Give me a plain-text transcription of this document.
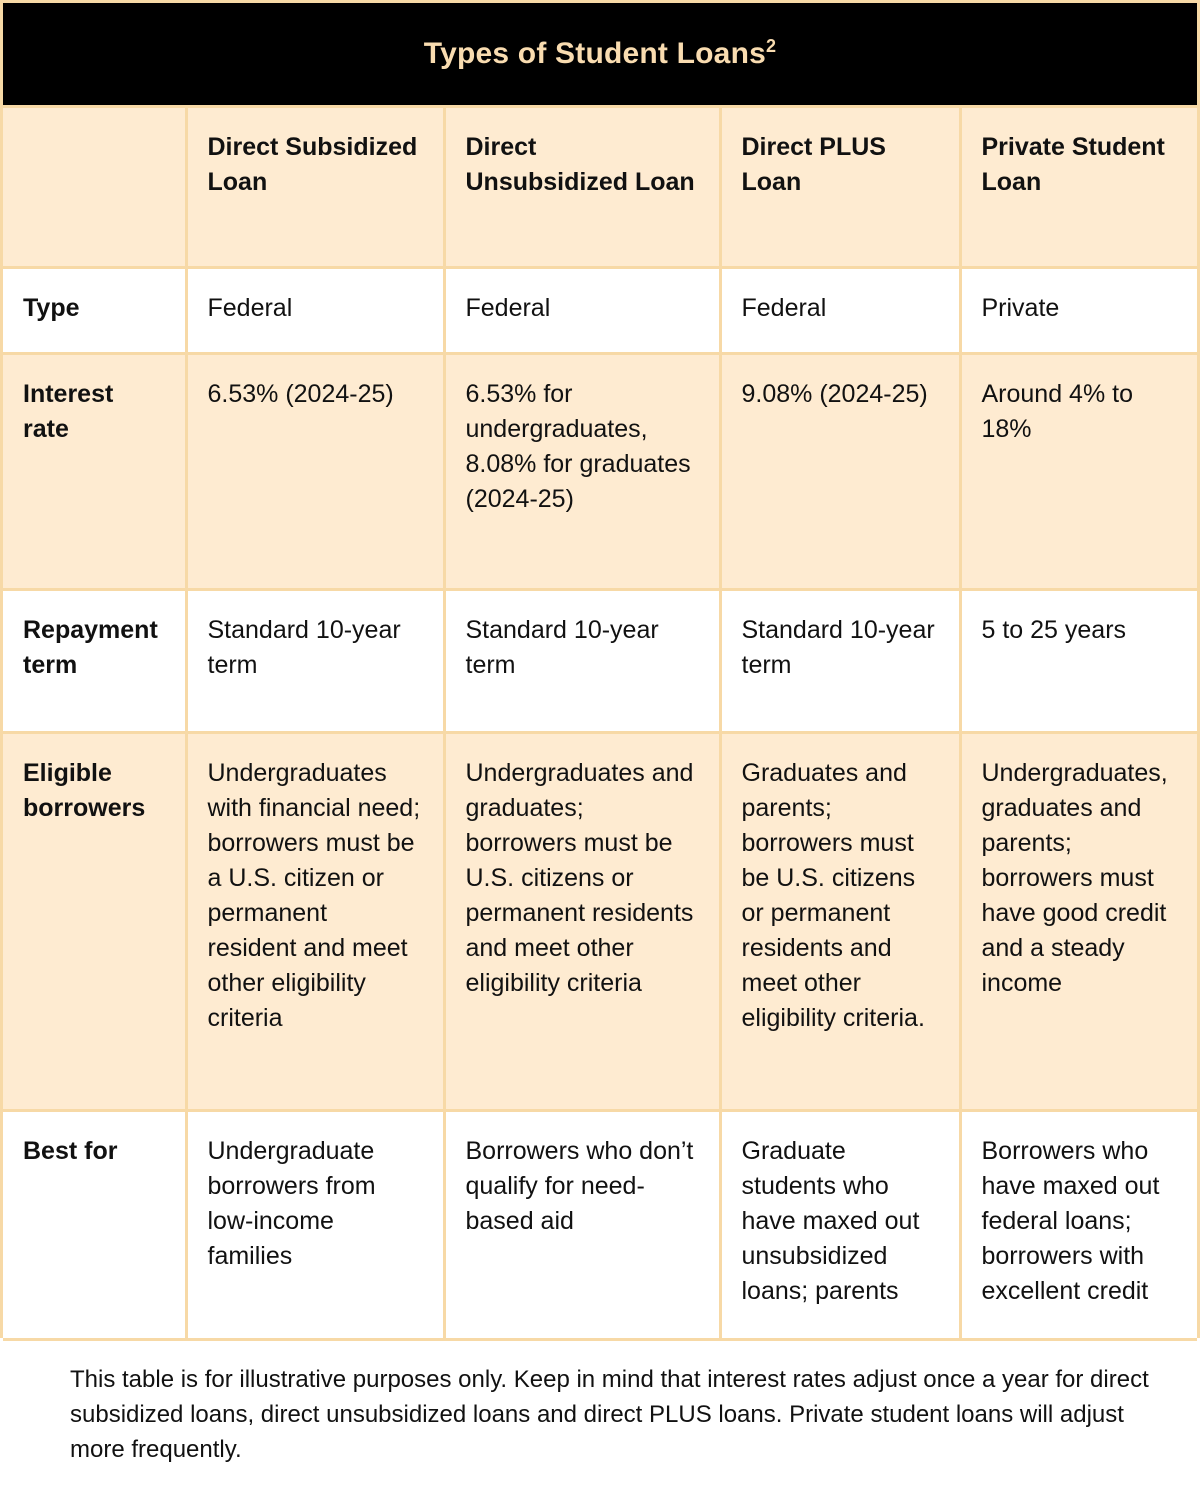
Types of Student Loans$^2$
	Direct Subsidized Loan	Direct Unsubsidized Loan	Direct PLUS Loan	Private Student Loan
Type	Federal	Federal	Federal	Private
Interest rate	6.53% (2024-25)	6.53% for undergraduates, 8.08% for graduates (2024-25)	9.08% (2024-25)	Around 4% to 18%
Repayment term	Standard 10-year term	Standard 10-year term	Standard 10-year term	5 to 25 years
Eligible borrowers	Undergraduates with financial need; borrowers must be a U.S. citizen or permanent resident and meet other eligibility criteria	Undergraduates and graduates; borrowers must be U.S. citizens or permanent residents and meet other eligibility criteria	Graduates and parents; borrowers must be U.S. citizens or permanent residents and meet other eligibility criteria.	Undergraduates, graduates and parents; borrowers must have good credit and a steady income
Best for	Undergraduate borrowers from low-income families	Borrowers who don’t qualify for need-based aid	Graduate students who have maxed out unsubsidized loans; parents	Borrowers who have maxed out federal loans; borrowers with excellent credit

This table is for illustrative purposes only. Keep in mind that interest rates adjust once a year for direct subsidized loans, direct unsubsidized loans and direct PLUS loans. Private student loans will adjust more frequently.
